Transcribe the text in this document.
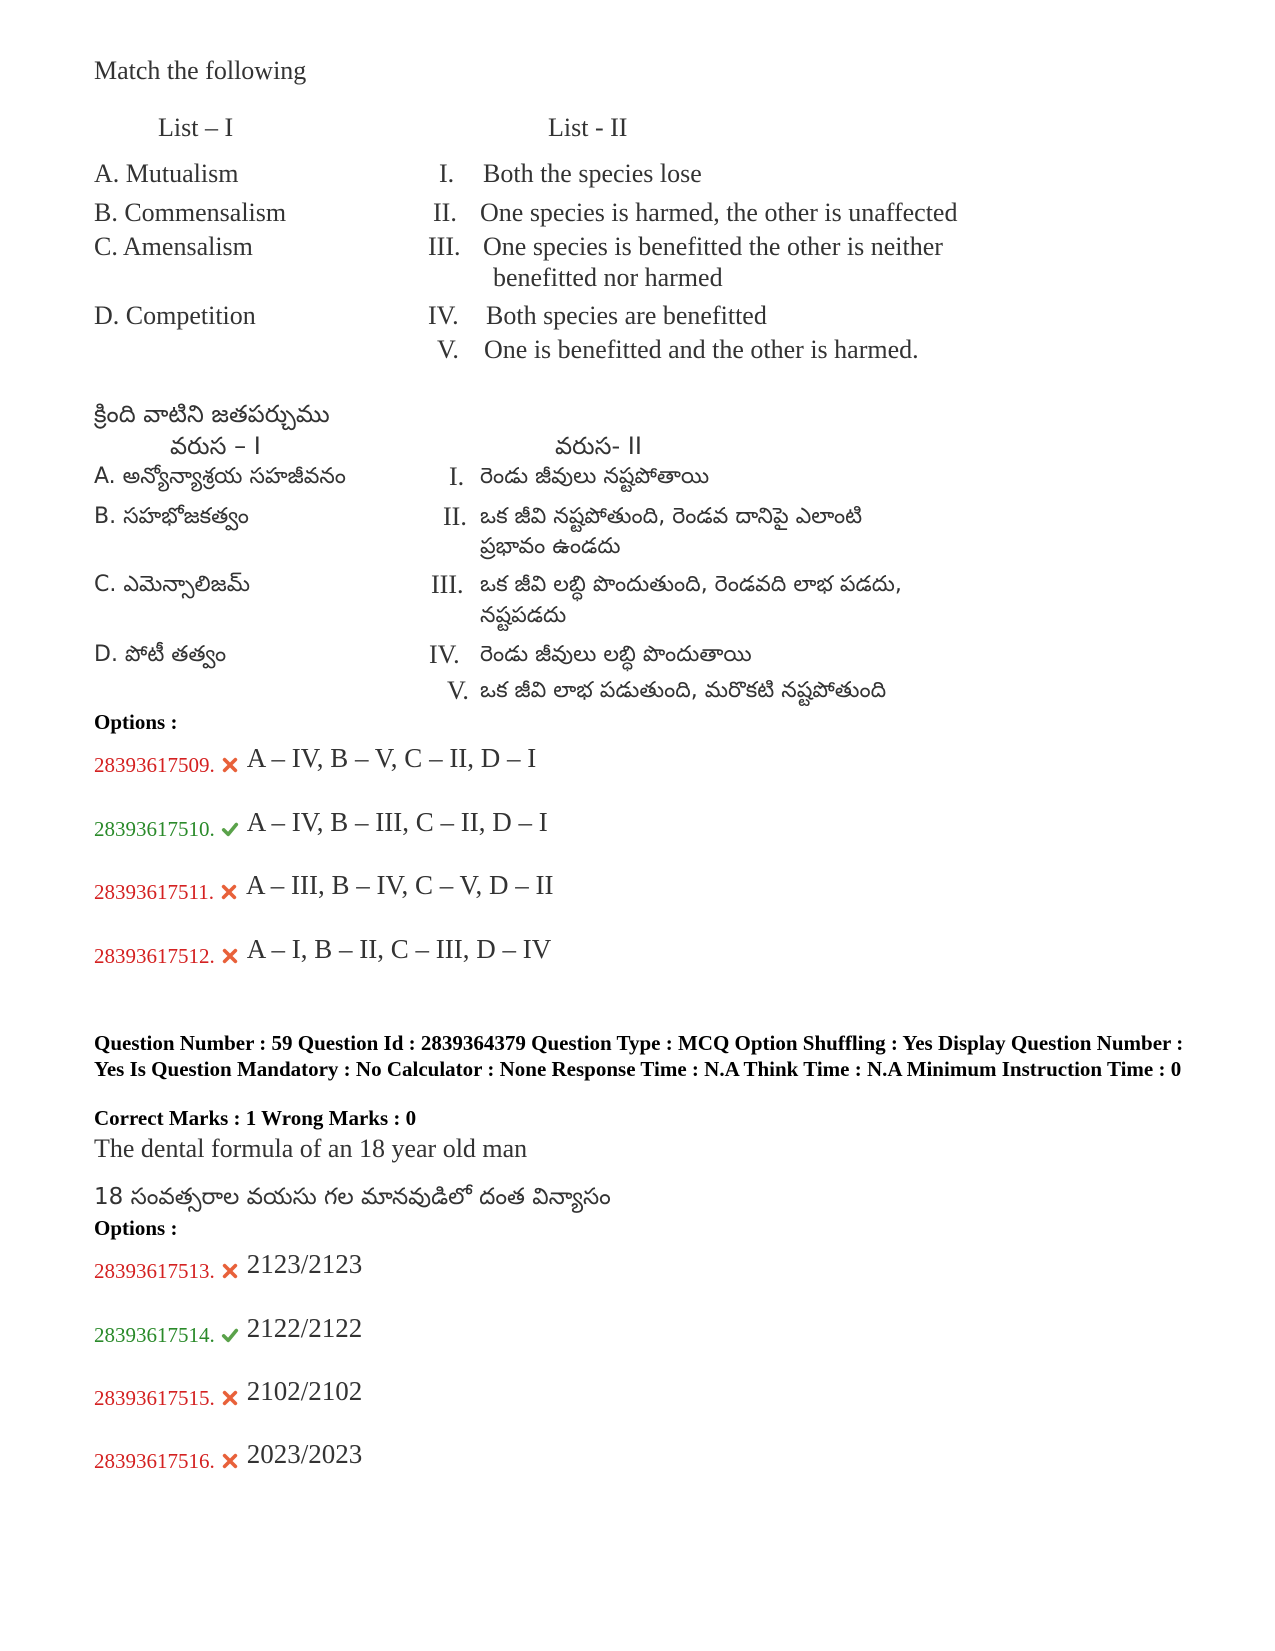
Match the following
List – I	List - II
A. Mutualism	I. Both the species lose
B. Commensalism	II. One species is harmed, the other is unaffected
C. Amensalism	III. One species is benefitted the other is neither
benefitted nor harmed
D. Competition	IV. Both species are benefitted
V. One is benefitted and the other is harmed.
క్రింది వాటిని జతపర్చుము
వరుస – I	వరుస- II
A. అన్యోన్యాశ్రయ సహజీవనం	I. రెండు జీవులు నష్టపోతాయి
B. సహభోజకత్వం	II. ఒక జీవి నష్టపోతుంది, రెండవ దానిపై ఎలాంటి
ప్రభావం ఉండదు
C. ఎమెన్సాలిజమ్	III. ఒక జీవి లబ్ధి పొందుతుంది, రెండవది లాభ పడదు,
నష్టపడదు
D. పోటీ తత్వం	IV. రెండు జీవులు లబ్ధి పొందుతాయి
V. ఒక జీవి లాభ పడుతుంది, మరొకటి నష్టపోతుంది
Options :
28393617509. A – IV, B – V, C – II, D – I
28393617510. A – IV, B – III, C – II, D – I
28393617511. A – III, B – IV, C – V, D – II
28393617512. A – I, B – II, C – III, D – IV
Question Number : 59 Question Id : 2839364379 Question Type : MCQ Option Shuffling : Yes Display Question Number : Yes Is Question Mandatory : No Calculator : None Response Time : N.A Think Time : N.A Minimum Instruction Time : 0
Correct Marks : 1 Wrong Marks : 0
The dental formula of an 18 year old man
18 సంవత్సరాల వయసు గల మానవుడిలో దంత విన్యాసం
Options :
28393617513. 2123/2123
28393617514. 2122/2122
28393617515. 2102/2102
28393617516. 2023/2023
